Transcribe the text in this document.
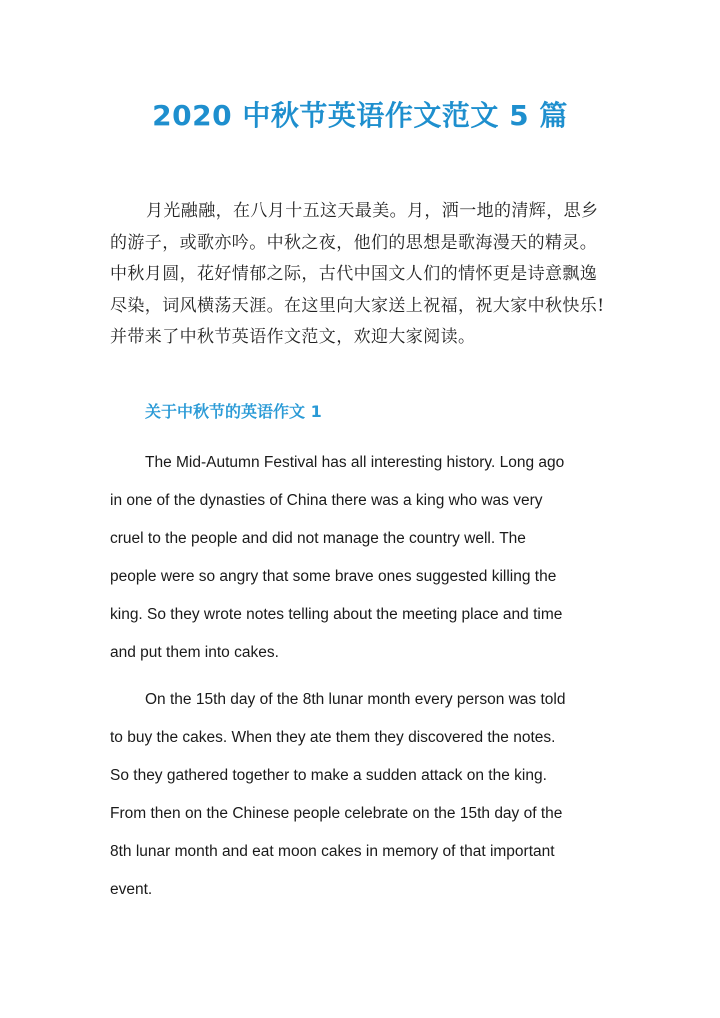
2020 中秋节英语作文范文 5 篇

月光融融，在八月十五这天最美。月，洒一地的清辉，思乡的游子，或歌亦吟。中秋之夜，他们的思想是歌海漫天的精灵。中秋月圆，花好情郁之际，古代中国文人们的情怀更是诗意飘逸尽染，词风横荡天涯。在这里向大家送上祝福，祝大家中秋快乐!并带来了中秋节英语作文范文，欢迎大家阅读。

关于中秋节的英语作文 1
The Mid-Autumn Festival has all interesting history. Long ago
in one of the dynasties of China there was a king who was very
cruel to the people and did not manage the country well. The
people were so angry that some brave ones suggested killing the
king. So they wrote notes telling about the meeting place and time
and put them into cakes.
On the 15th day of the 8th lunar month every person was told
to buy the cakes. When they ate them they discovered the notes.
So they gathered together to make a sudden attack on the king.
From then on the Chinese people celebrate on the 15th day of the
8th lunar month and eat moon cakes in memory of that important
event.
